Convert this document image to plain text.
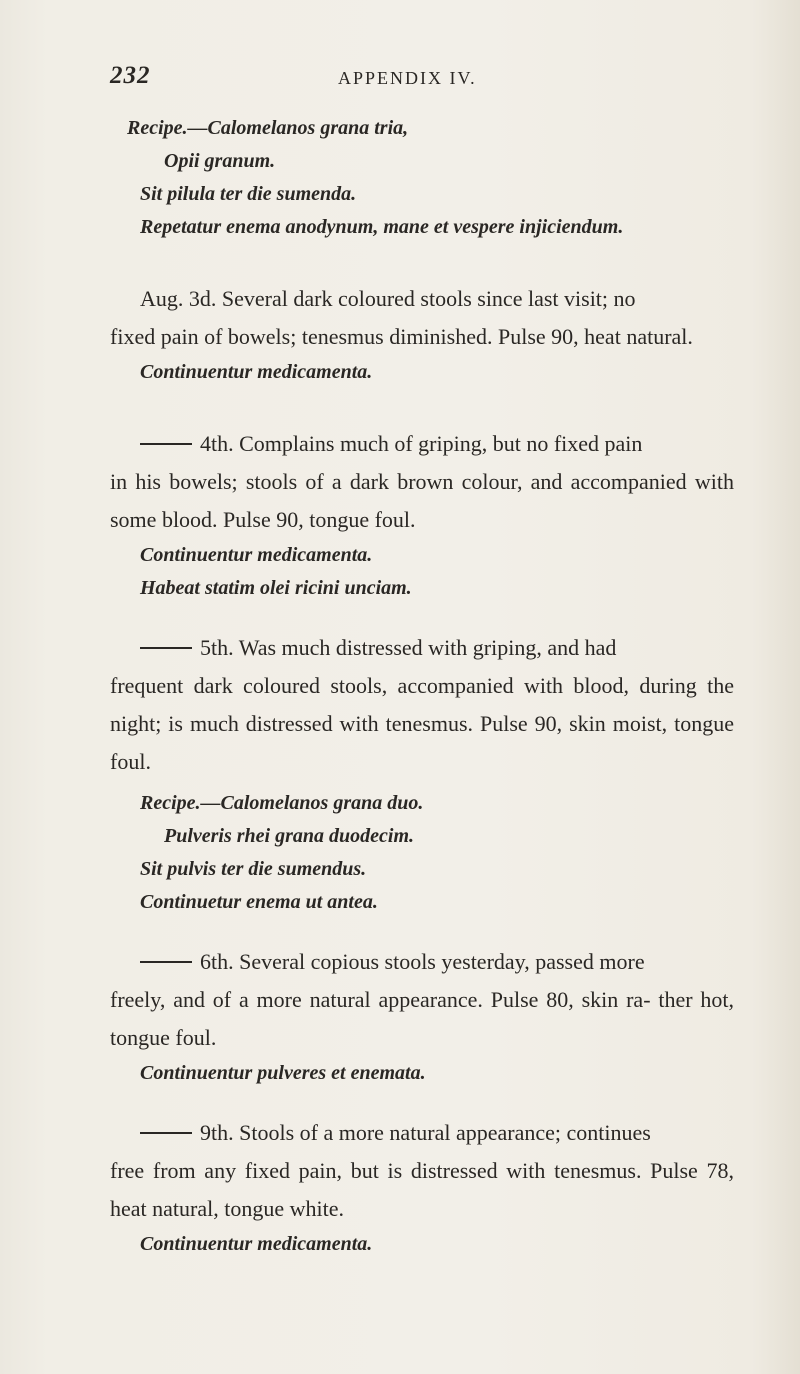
232	APPENDIX IV.
Recipe.—Calomelanos grana tria,
Opii granum.
Sit pilula ter die sumenda.
Repetatur enema anodynum, mane et vespere injiciendum.
Aug. 3d. Several dark coloured stools since last visit; no
fixed pain of bowels; tenesmus diminished. Pulse 90, heat natural.
Continuentur medicamenta.
4th. Complains much of griping, but no fixed pain
in his bowels; stools of a dark brown colour, and accompanied with some blood. Pulse 90, tongue foul.
Continuentur medicamenta.
Habeat statim olei ricini unciam.
5th. Was much distressed with griping, and had
frequent dark coloured stools, accompanied with blood, during the night; is much distressed with tenesmus. Pulse 90, skin moist, tongue foul.
Recipe.—Calomelanos grana duo.
Pulveris rhei grana duodecim.
Sit pulvis ter die sumendus.
Continuetur enema ut antea.
6th. Several copious stools yesterday, passed more
freely, and of a more natural appearance. Pulse 80, skin ra- ther hot, tongue foul.
Continuentur pulveres et enemata.
9th. Stools of a more natural appearance; continues
free from any fixed pain, but is distressed with tenesmus. Pulse 78, heat natural, tongue white.
Continuentur medicamenta.
